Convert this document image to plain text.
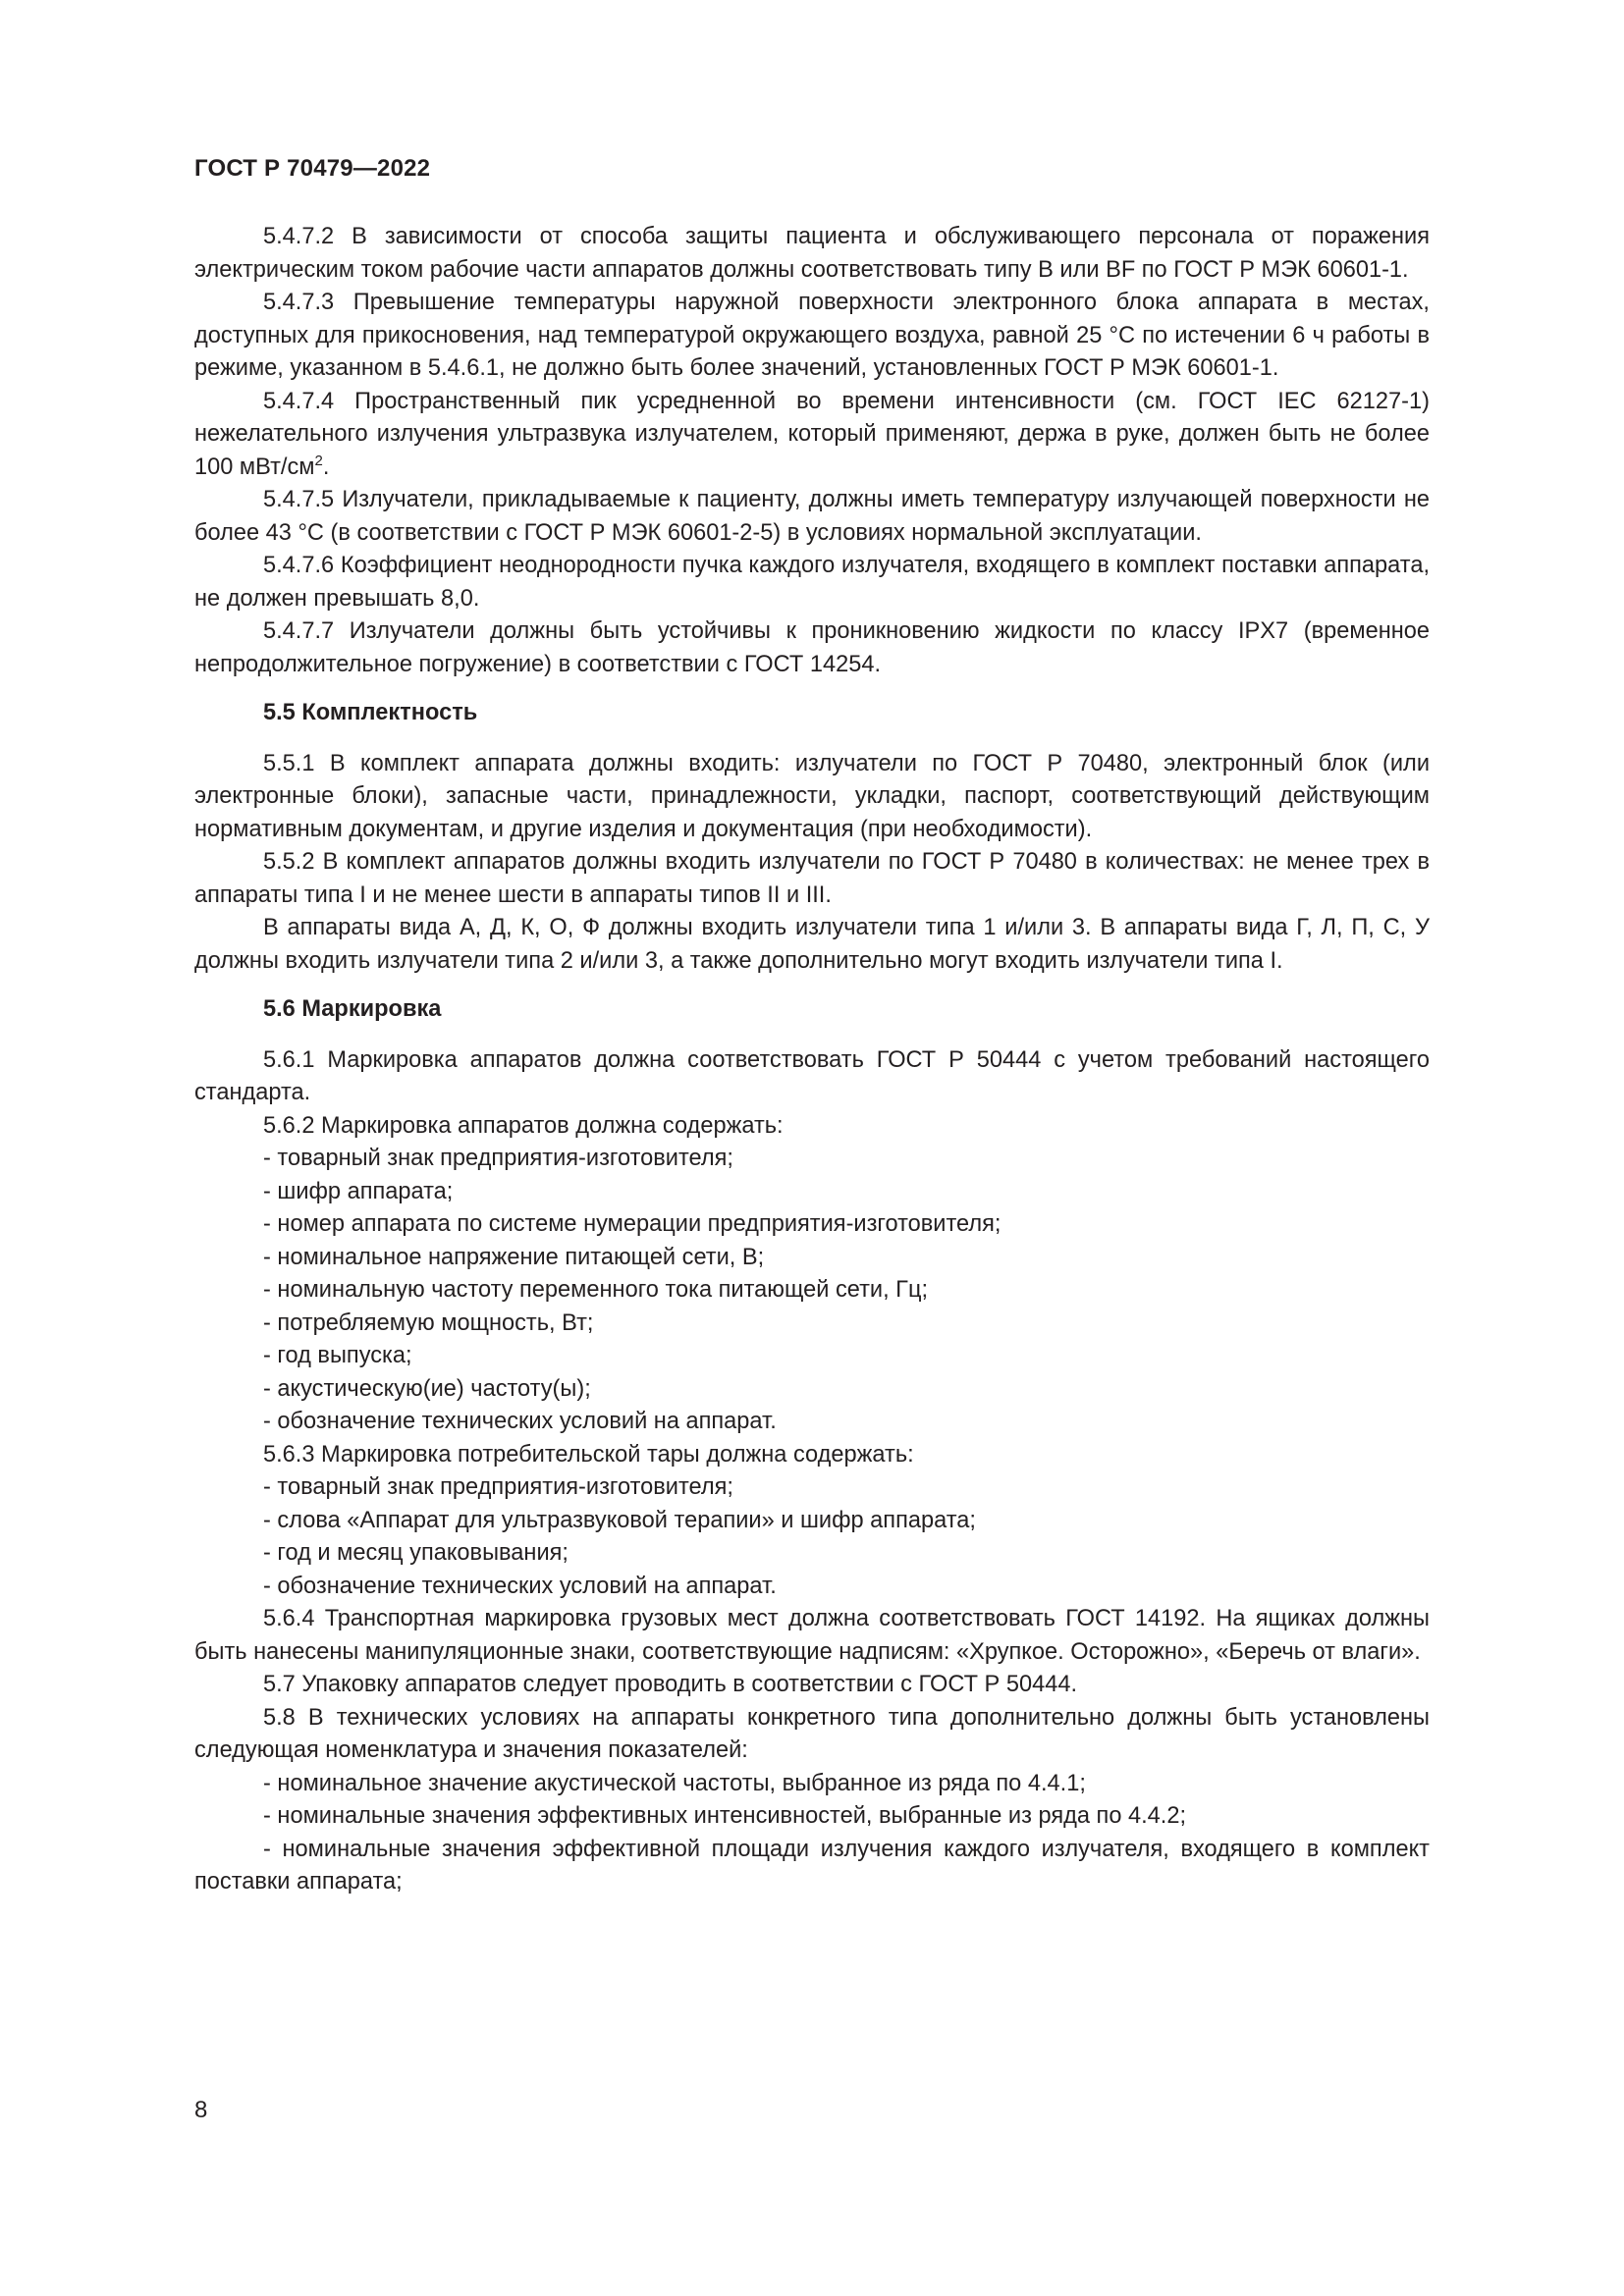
ГОСТ Р 70479—2022

5.4.7.2 В зависимости от способа защиты пациента и обслуживающего персонала от поражения электрическим током рабочие части аппаратов должны соответствовать типу В или BF по ГОСТ Р МЭК 60601-1.

5.4.7.3 Превышение температуры наружной поверхности электронного блока аппарата в местах, доступных для прикосновения, над температурой окружающего воздуха, равной 25 °С по истечении 6 ч работы в режиме, указанном в 5.4.6.1, не должно быть более значений, установленных ГОСТ Р МЭК 60601-1.

5.4.7.4 Пространственный пик усредненной во времени интенсивности (см. ГОСТ IEC 62127-1) нежелательного излучения ультразвука излучателем, который применяют, держа в руке, должен быть не более 100 мВт/$см^2$.

5.4.7.5 Излучатели, прикладываемые к пациенту, должны иметь температуру излучающей поверхности не более 43 °С (в соответствии с ГОСТ Р МЭК 60601-2-5) в условиях нормальной эксплуатации.

5.4.7.6 Коэффициент неоднородности пучка каждого излучателя, входящего в комплект поставки аппарата, не должен превышать 8,0.

5.4.7.7 Излучатели должны быть устойчивы к проникновению жидкости по классу IPX7 (временное непродолжительное погружение) в соответствии с ГОСТ 14254.

5.5 Комплектность

5.5.1 В комплект аппарата должны входить: излучатели по ГОСТ Р 70480, электронный блок (или электронные блоки), запасные части, принадлежности, укладки, паспорт, соответствующий действующим нормативным документам, и другие изделия и документация (при необходимости).

5.5.2 В комплект аппаратов должны входить излучатели по ГОСТ Р 70480 в количествах: не менее трех в аппараты типа I и не менее шести в аппараты типов II и III.

В аппараты вида А, Д, К, О, Ф должны входить излучатели типа 1 и/или 3. В аппараты вида Г, Л, П, С, У должны входить излучатели типа 2 и/или 3, а также дополнительно могут входить излучатели типа I.

5.6 Маркировка

5.6.1 Маркировка аппаратов должна соответствовать ГОСТ Р 50444 с учетом требований настоящего стандарта.

5.6.2 Маркировка аппаратов должна содержать:

- товарный знак предприятия-изготовителя;

- шифр аппарата;

- номер аппарата по системе нумерации предприятия-изготовителя;

- номинальное напряжение питающей сети, В;

- номинальную частоту переменного тока питающей сети, Гц;

- потребляемую мощность, Вт;

- год выпуска;

- акустическую(ие) частоту(ы);

- обозначение технических условий на аппарат.

5.6.3 Маркировка потребительской тары должна содержать:

- товарный знак предприятия-изготовителя;

- слова «Аппарат для ультразвуковой терапии» и шифр аппарата;

- год и месяц упаковывания;

- обозначение технических условий на аппарат.

5.6.4 Транспортная маркировка грузовых мест должна соответствовать ГОСТ 14192. На ящиках должны быть нанесены манипуляционные знаки, соответствующие надписям: «Хрупкое. Осторожно», «Беречь от влаги».

5.7 Упаковку аппаратов следует проводить в соответствии с ГОСТ Р 50444.

5.8 В технических условиях на аппараты конкретного типа дополнительно должны быть установлены следующая номенклатура и значения показателей:

- номинальное значение акустической частоты, выбранное из ряда по 4.4.1;

- номинальные значения эффективных интенсивностей, выбранные из ряда по 4.4.2;

- номинальные значения эффективной площади излучения каждого излучателя, входящего в комплект поставки аппарата;

8
